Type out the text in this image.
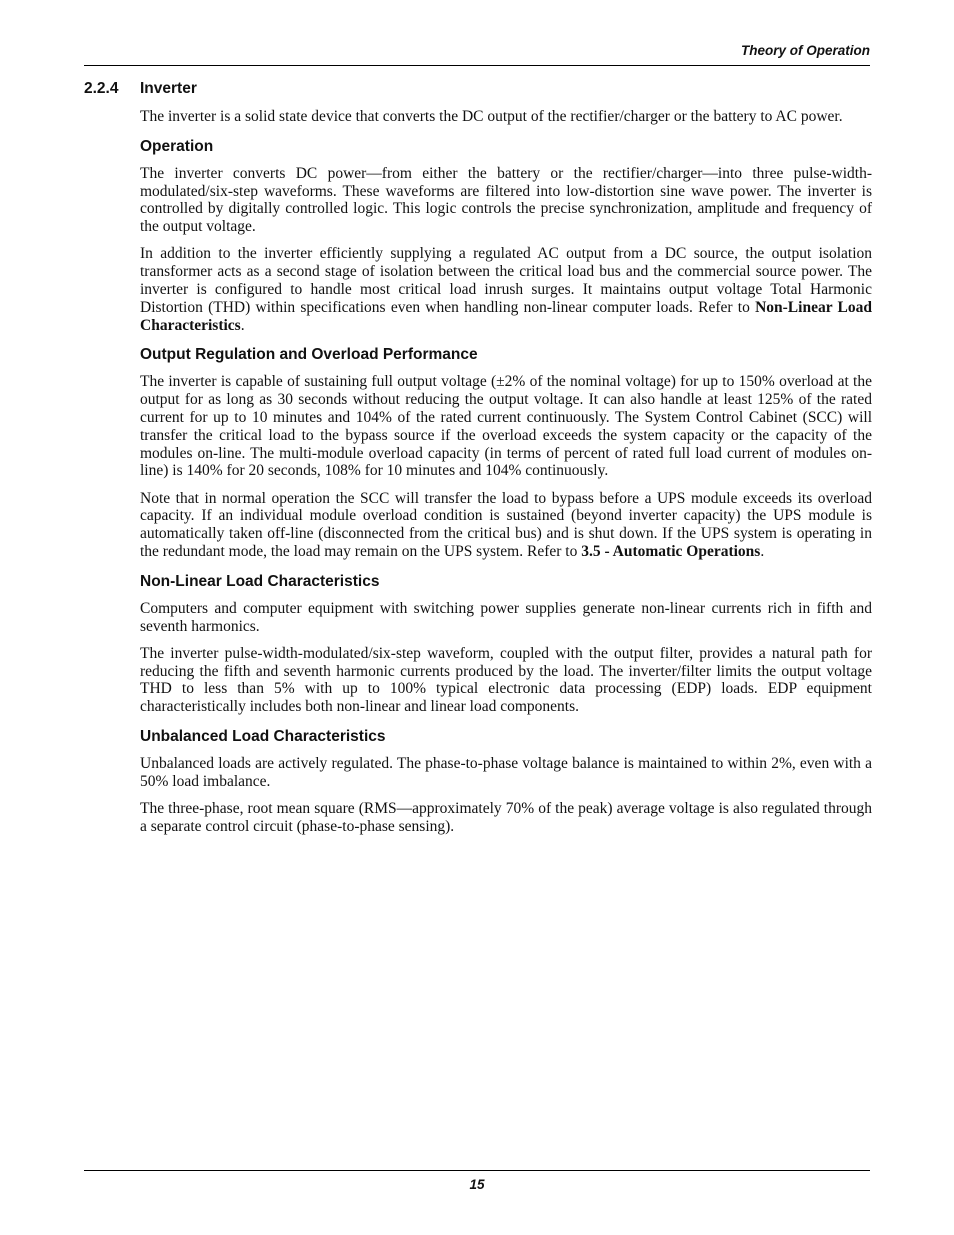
Theory of Operation
2.2.4 Inverter

The inverter is a solid state device that converts the DC output of the rectifier/charger or the battery to AC power.

Operation

The inverter converts DC power—from either the battery or the rectifier/charger—into three pulse-width-modulated/six-step waveforms. These waveforms are filtered into low-distortion sine wave power. The inverter is controlled by digitally controlled logic. This logic controls the precise synchronization, amplitude and frequency of the output voltage.

In addition to the inverter efficiently supplying a regulated AC output from a DC source, the output isolation transformer acts as a second stage of isolation between the critical load bus and the commercial source power. The inverter is configured to handle most critical load inrush surges. It maintains output voltage Total Harmonic Distortion (THD) within specifications even when handling non-linear computer loads. Refer to Non-Linear Load Characteristics.

Output Regulation and Overload Performance

The inverter is capable of sustaining full output voltage (±2% of the nominal voltage) for up to 150% overload at the output for as long as 30 seconds without reducing the output voltage. It can also handle at least 125% of the rated current for up to 10 minutes and 104% of the rated current continuously. The System Control Cabinet (SCC) will transfer the critical load to the bypass source if the overload exceeds the system capacity or the capacity of the modules on-line. The multi-module overload capacity (in terms of percent of rated full load current of modules on-line) is 140% for 20 seconds, 108% for 10 minutes and 104% continuously.

Note that in normal operation the SCC will transfer the load to bypass before a UPS module exceeds its overload capacity. If an individual module overload condition is sustained (beyond inverter capacity) the UPS module is automatically taken off-line (disconnected from the critical bus) and is shut down. If the UPS system is operating in the redundant mode, the load may remain on the UPS system. Refer to 3.5 - Automatic Operations.

Non-Linear Load Characteristics

Computers and computer equipment with switching power supplies generate non-linear currents rich in fifth and seventh harmonics.

The inverter pulse-width-modulated/six-step waveform, coupled with the output filter, provides a natural path for reducing the fifth and seventh harmonic currents produced by the load. The inverter/filter limits the output voltage THD to less than 5% with up to 100% typical electronic data processing (EDP) loads. EDP equipment characteristically includes both non-linear and linear load components.

Unbalanced Load Characteristics

Unbalanced loads are actively regulated. The phase-to-phase voltage balance is maintained to within 2%, even with a 50% load imbalance.

The three-phase, root mean square (RMS—approximately 70% of the peak) average voltage is also regulated through a separate control circuit (phase-to-phase sensing).

15
